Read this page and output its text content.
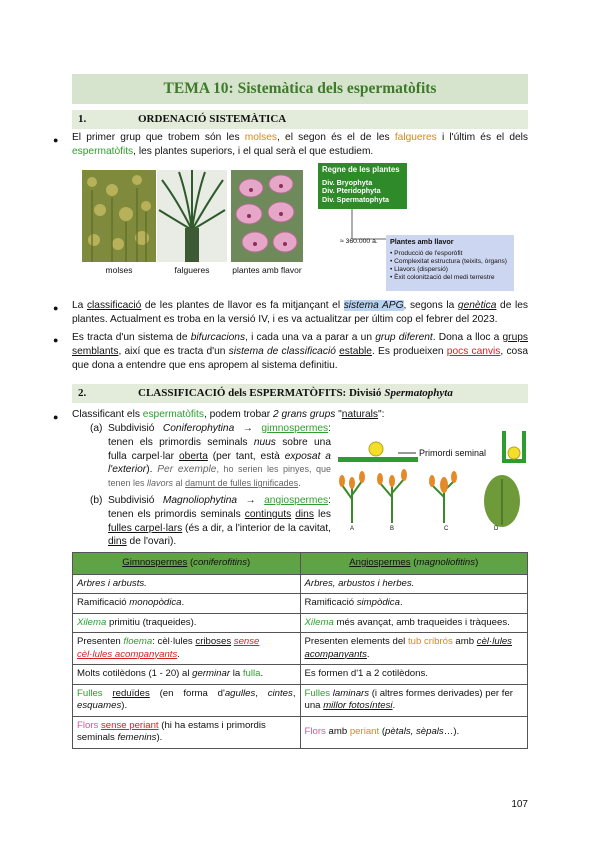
TEMA 10: Sistemàtica dels espermatòfits
1.	ORDENACIÓ SISTEMÀTICA
● El primer grup que trobem són les molses, el segon és el de les falgueres i l'últim és el dels espermatòfits, les plantes superiors, i el qual serà el que estudiem.
molses	falgueres	plantes amb flavor
Regne de les plantes
Div. Bryophyta
Div. Pteridophyta
Div. Spermatophyta
≈ 360.000 a. Plantes amb llavor
• Producció de l'esporòfit
• Complexitat estructura (teixits, òrgans)
• Llavors (dispersió)
• Èxit colonització del medi terrestre
● La classificació de les plantes de llavor es fa mitjançant el sistema APG, segons la genètica de les plantes. Actualment es troba en la versió IV, i es va actualitzar per últim cop el febrer del 2023.
● Es tracta d'un sistema de bifurcacions, i cada una va a parar a un grup diferent. Dona a lloc a grups semblants, així que es tracta d'un sistema de classificació estable. Es produeixen pocs canvis, cosa que dona a entendre que ens apropem al sistema definitiu.
2.	CLASSIFICACIÓ dels ESPERMATÒFITS: Divisió Spermatophyta
● Classificant els espermatòfits, podem trobar 2 grans grups "naturals":
(a) Subdivisió Coniferophytina → gimnospermes: tenen els primordis seminals nuus sobre una fulla carpel·lar oberta (per tant, està exposat a l'exterior). Per exemple, ho serien les pinyes, que tenen les llavors al damunt de fulles lignificades.
(b) Subdivisió Magnoliophytina → angiospermes: tenen els primordis seminals continguts dins les fulles carpel·lars (és a dir, a l'interior de la cavitat, dins de l'ovari).
Primordi seminal
A	B	C	D
Gimnospermes (coniferofitins)	Angiospermes (magnoliofitins)
Arbres i arbusts.	Arbres, arbustos i herbes.
Ramificació monopòdica.	Ramificació simpòdica.
Xilema primitiu (traqueides).	Xilema més avançat, amb traqueides i tràquees.
Presenten floema: cèl·lules criboses sense cèl·lules acompanyants.	Presenten elements del tub cribrós amb cèl·lules acompanyants.
Molts cotilèdons (1 - 20) al germinar la fulla.	Es formen d'1 a 2 cotilèdons.
Fulles reduïdes (en forma d'agulles, cintes, esquames).	Fulles laminars (i altres formes derivades) per fer una millor fotosíntesi.
Flors sense periant (hi ha estams i primordis seminals femenins).	Flors amb periant (pètals, sèpals…).
107
